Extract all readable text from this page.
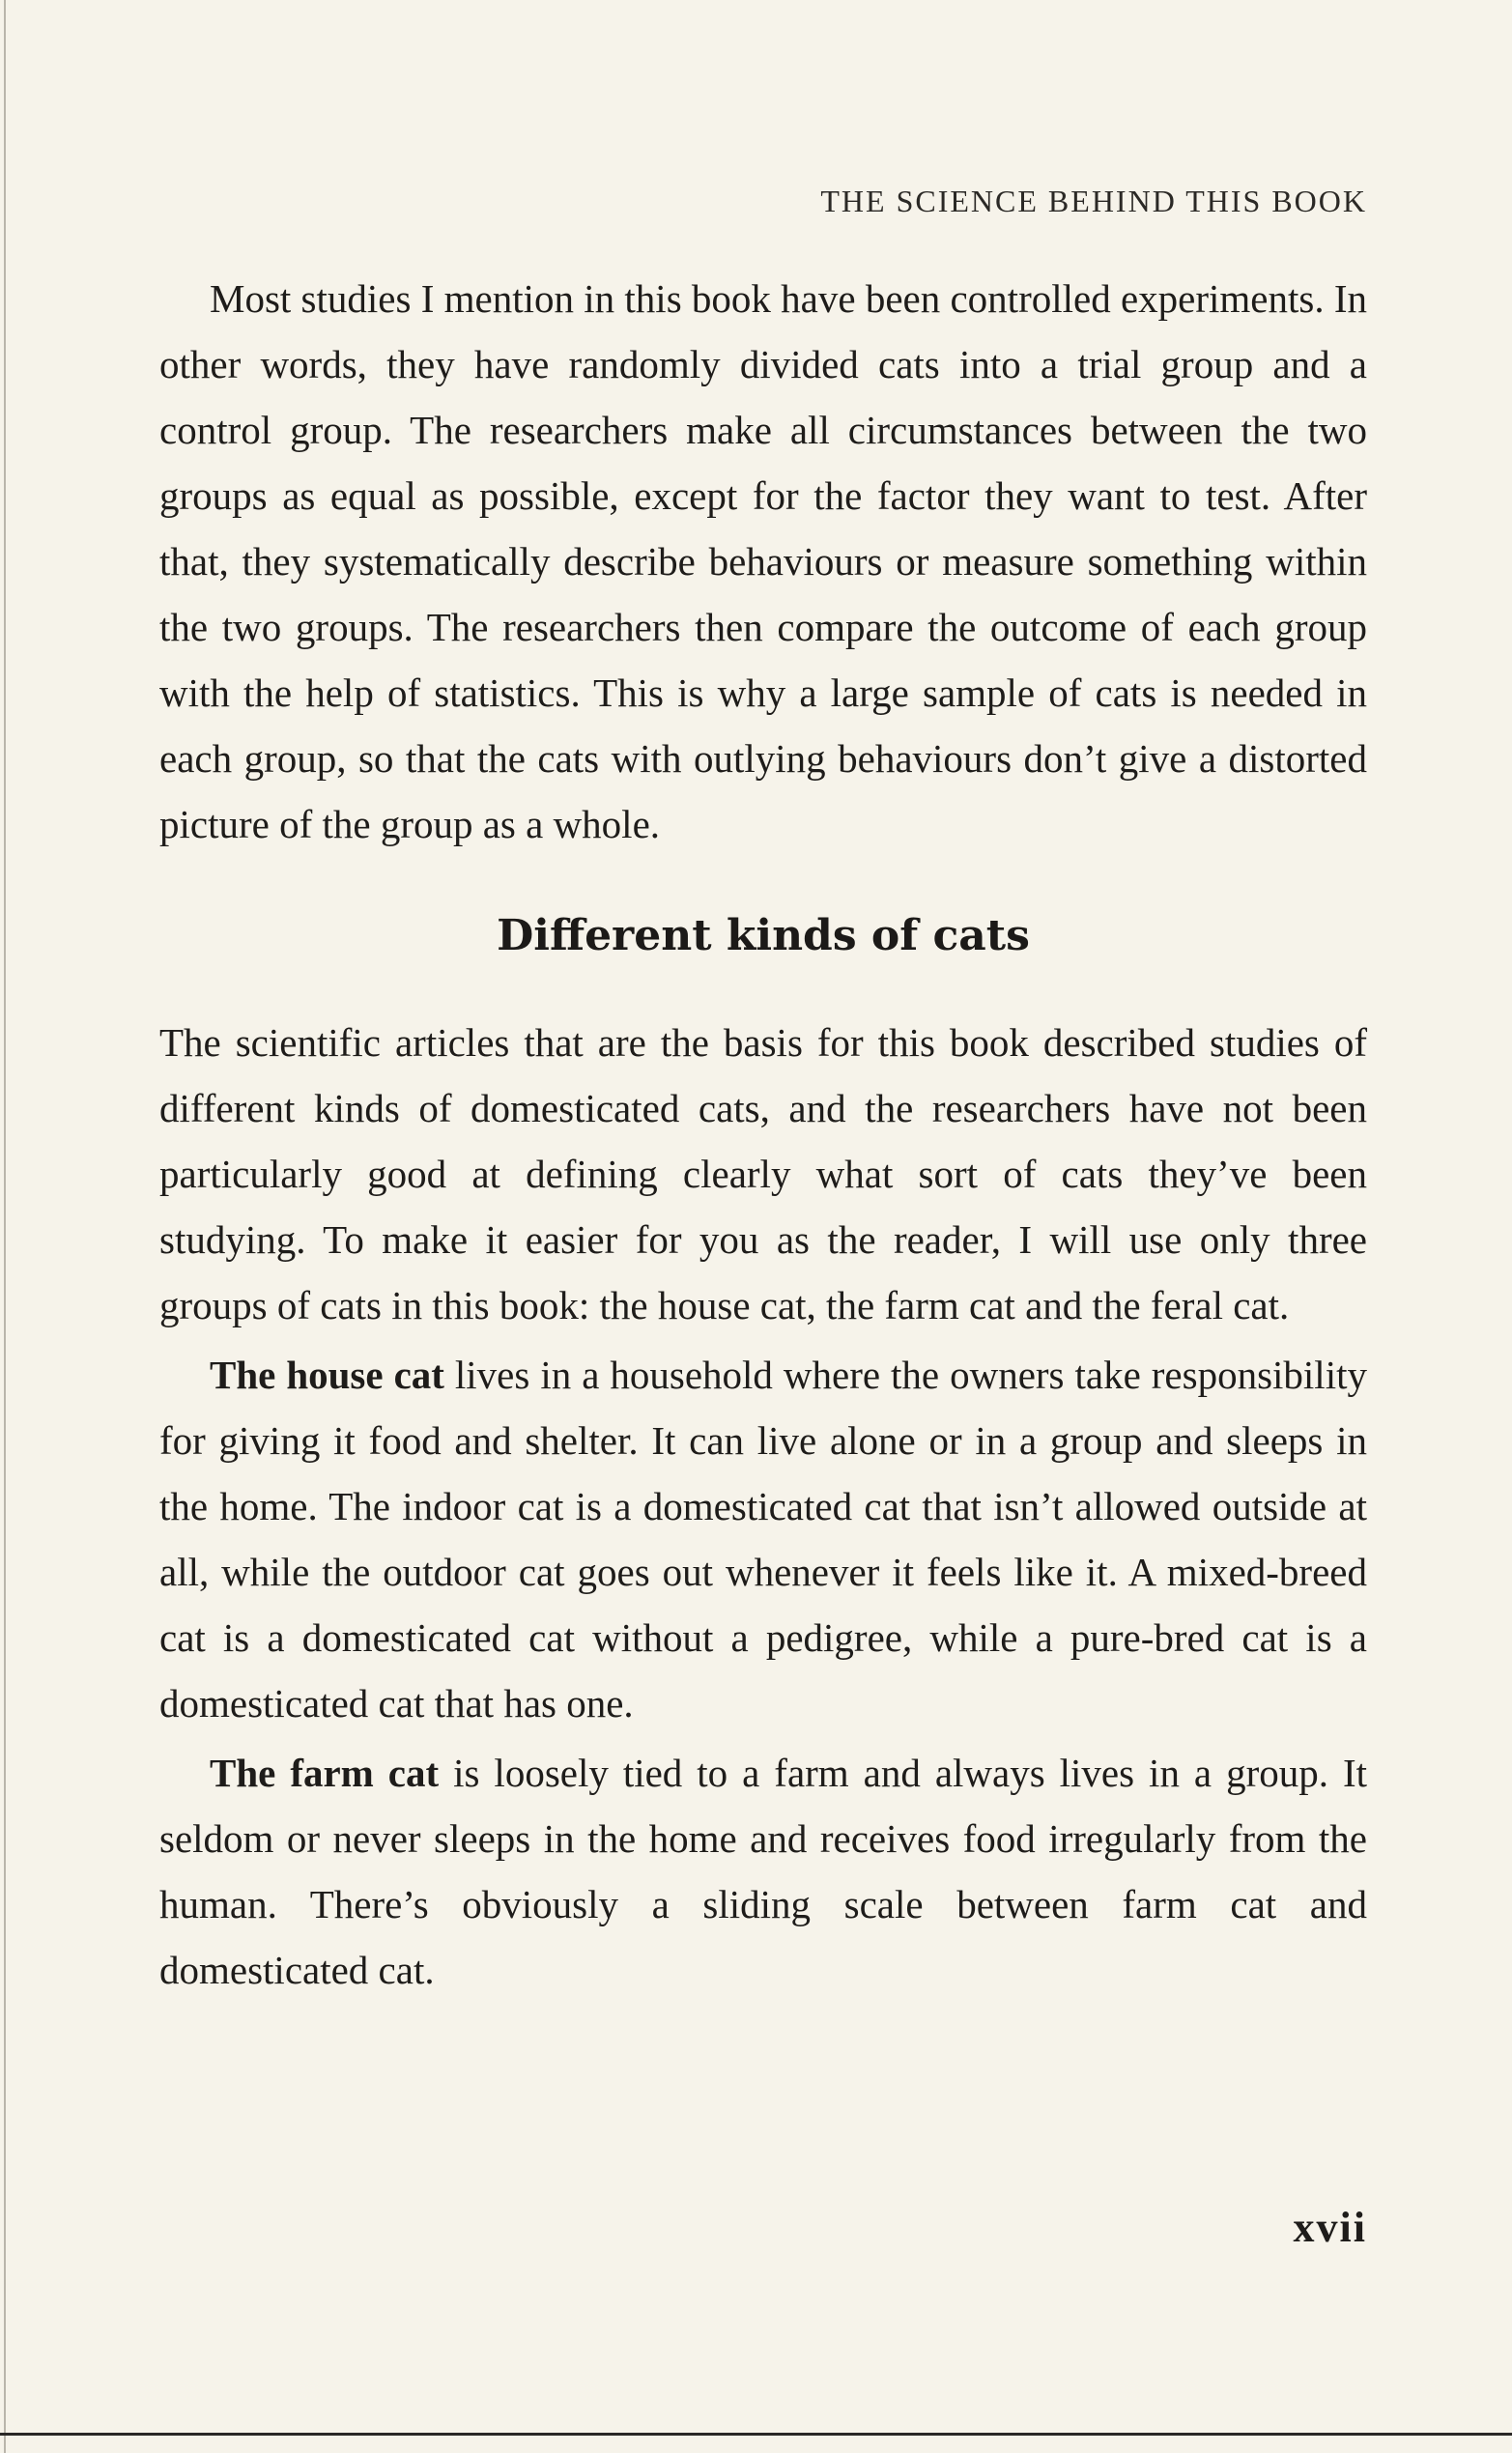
THE SCIENCE BEHIND THIS BOOK

Most studies I mention in this book have been controlled experiments. In other words, they have randomly divided cats into a trial group and a control group. The researchers make all circumstances between the two groups as equal as possible, except for the factor they want to test. After that, they systematically describe behaviours or measure something within the two groups. The researchers then compare the outcome of each group with the help of statistics. This is why a large sample of cats is needed in each group, so that the cats with outlying behaviours don’t give a distorted picture of the group as a whole.

Different kinds of cats

The scientific articles that are the basis for this book described studies of different kinds of domesticated cats, and the researchers have not been particularly good at defining clearly what sort of cats they’ve been studying. To make it easier for you as the reader, I will use only three groups of cats in this book: the house cat, the farm cat and the feral cat.

The house cat lives in a household where the owners take responsibility for giving it food and shelter. It can live alone or in a group and sleeps in the home. The indoor cat is a domesticated cat that isn’t allowed outside at all, while the outdoor cat goes out whenever it feels like it. A mixed-breed cat is a domesticated cat without a pedigree, while a pure-bred cat is a domesticated cat that has one.

The farm cat is loosely tied to a farm and always lives in a group. It seldom or never sleeps in the home and receives food irregularly from the human. There’s obviously a sliding scale between farm cat and domesticated cat.

xvii
